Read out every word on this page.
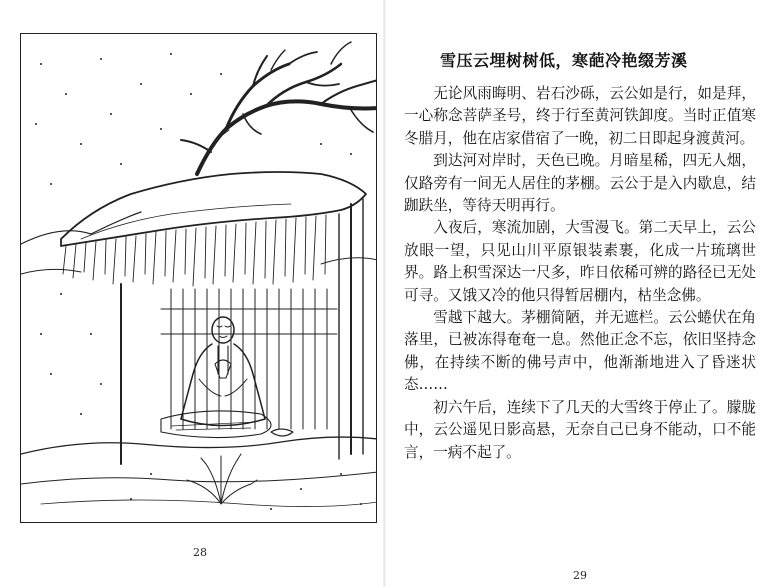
28
雪压云埋树树低，寒葩冷艳缀芳溪

无论风雨晦明、岩石沙砾，云公如是行，如是拜，一心称念菩萨圣号，终于行至黄河铁卸度。当时正值寒冬腊月，他在店家借宿了一晚，初二日即起身渡黄河。

到达河对岸时，天色已晚。月暗星稀，四无人烟，仅路旁有一间无人居住的茅棚。云公于是入内歇息，结跏趺坐，等待天明再行。

入夜后，寒流加剧，大雪漫飞。第二天早上，云公放眼一望，只见山川平原银装素裹，化成一片琉璃世界。路上积雪深达一尺多，昨日依稀可辨的路径已无处可寻。又饿又冷的他只得暂居棚内，枯坐念佛。

雪越下越大。茅棚简陋，并无遮栏。云公蜷伏在角落里，已被冻得奄奄一息。然他正念不忘，依旧坚持念佛，在持续不断的佛号声中，他渐渐地进入了昏迷状态……

初六午后，连续下了几天的大雪终于停止了。朦胧中，云公遥见日影高悬，无奈自己已身不能动，口不能言，一病不起了。

29
